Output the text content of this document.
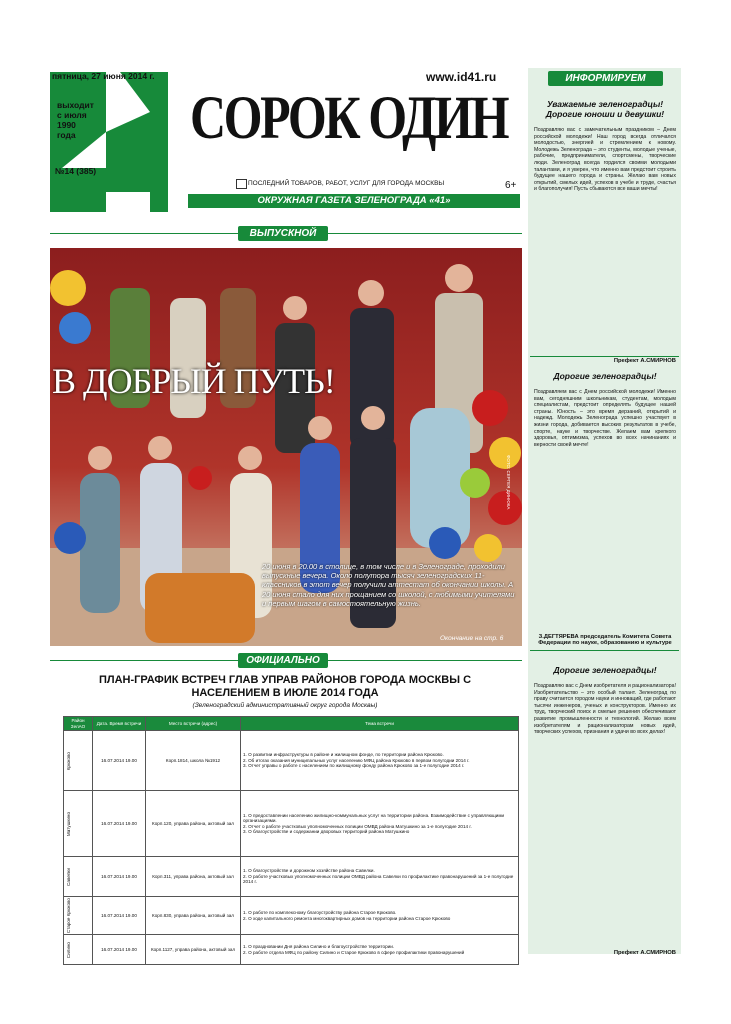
пятница, 27 июня 2014 г.
выходит
с июля
1990
года
№14 (385)
www.id41.ru
СОРОК ОДИН
ПОСЛЕДНИЙ ТОВАРОВ, РАБОТ, УСЛУГ ДЛЯ ГОРОДА МОСКВЫ	6+
ОКРУЖНАЯ ГАЗЕТА ЗЕЛЕНОГРАДА «41»
ВЫПУСКНОЙ
В ДОБРЫЙ ПУТЬ!
20 июня в 20.00 в столице, в том числе и в Зеленограде, проходили выпускные вечера. Около полутора тысяч зеленоградских 11-классников в этот вечер получили аттестат об окончании школы. А 20 июня стало для них прощанием со школой, с любимыми учителями и первым шагом в самостоятельную жизнь.
Окончание на стр. 6
ФОТО: СЕРГЕЯ ДИНЮКА
ОФИЦИАЛЬНО
ПЛАН-ГРАФИК ВСТРЕЧ ГЛАВ УПРАВ РАЙОНОВ ГОРОДА МОСКВЫ С НАСЕЛЕНИЕМ В ИЮЛЕ 2014 ГОДА
(Зеленоградский административный округ города Москвы)
Район ЗелАО	Дата. Время встречи	Место встречи (адрес)	Тема встречи

Крюково	16.07.2014 19.00	Корп.1814, школа №1912	1. О развитии инфраструктуры в районе и жилищном фонде, по территории района Крюково.
2. Об итогах оказания муниципальных услуг населению МФЦ района Крюково в первом полугодии 2014 г.
3. Отчет управы о работе с населением по жилищному фонду района Крюково за 1-е полугодие 2014 г.

Матушкино	16.07.2014 19.00	Корп.120, управа района, актовый зал	1. О предоставлении населению жилищно-коммунальных услуг на территории района. Взаимодействие с управляющими организациями.
2. Отчет о работе участковых уполномоченных полиции ОМВД района Матушкино за 1-е полугодие 2014 г.
3. О благоустройстве и содержании дворовых территорий района Матушкино

Савелки	16.07.2014 19.00	Корп.311, управа района, актовый зал	1. О благоустройстве и дорожном хозяйстве района Савелки.
2. О работе участковых уполномоченных полиции ОМВД района Савелки по профилактике правонарушений за 1-е полугодие 2014 г.

Старое Крюково	16.07.2014 19.00	Корп.830, управа района, актовый зал	1. О работе по комплексному благоустройству района Старое Крюково.
2. О ходе капитального ремонта многоквартирных домов на территории района Старое Крюково

Силино	16.07.2014 19.00	Корп.1127, управа района, актовый зал	1. О праздновании Дня района Силино и благоустройстве территории.
2. О работе отдела МФЦ по району Силино и Старое Крюково в сфере профилактики правонарушений
ИНФОРМИРУЕМ

Уважаемые зеленоградцы! Дорогие юноши и девушки!

Поздравляю вас с замечательным праздником – Днем российской молодежи! Наш город всегда отличался молодостью, энергией и стремлением к новому. Молодежь Зеленограда – это студенты, молодые ученые, рабочие, предприниматели, спортсмены, творческие люди. Зеленоград всегда гордился своими молодыми талантами, и я уверен, что именно вам предстоит строить будущее нашего города и страны. Желаю вам новых открытий, смелых идей, успехов в учебе и труде, счастья и благополучия! Пусть сбываются все ваши мечты!

Префект А.СМИРНОВ

Дорогие зеленоградцы!

Поздравляем вас с Днем российской молодежи! Именно вам, сегодняшним школьникам, студентам, молодым специалистам, предстоит определять будущее нашей страны. Юность – это время дерзаний, открытий и надежд. Молодежь Зеленограда успешно участвует в жизни города, добивается высоких результатов в учебе, спорте, науке и творчестве. Желаем вам крепкого здоровья, оптимизма, успехов во всех начинаниях и верности своей мечте!

З.ДЕГТЯРЕВА председатель Комитета Совета Федерации по науке, образованию и культуре

Дорогие зеленоградцы!

Поздравляю вас с Днем изобретателя и рационализатора! Изобретательство – это особый талант. Зеленоград по праву считается городом науки и инноваций, где работают тысячи инженеров, ученых и конструкторов. Именно их труд, творческий поиск и смелые решения обеспечивают развитие промышленности и технологий. Желаю всем изобретателям и рационализаторам новых идей, творческих успехов, признания и удачи во всех делах!

Префект А.СМИРНОВ
